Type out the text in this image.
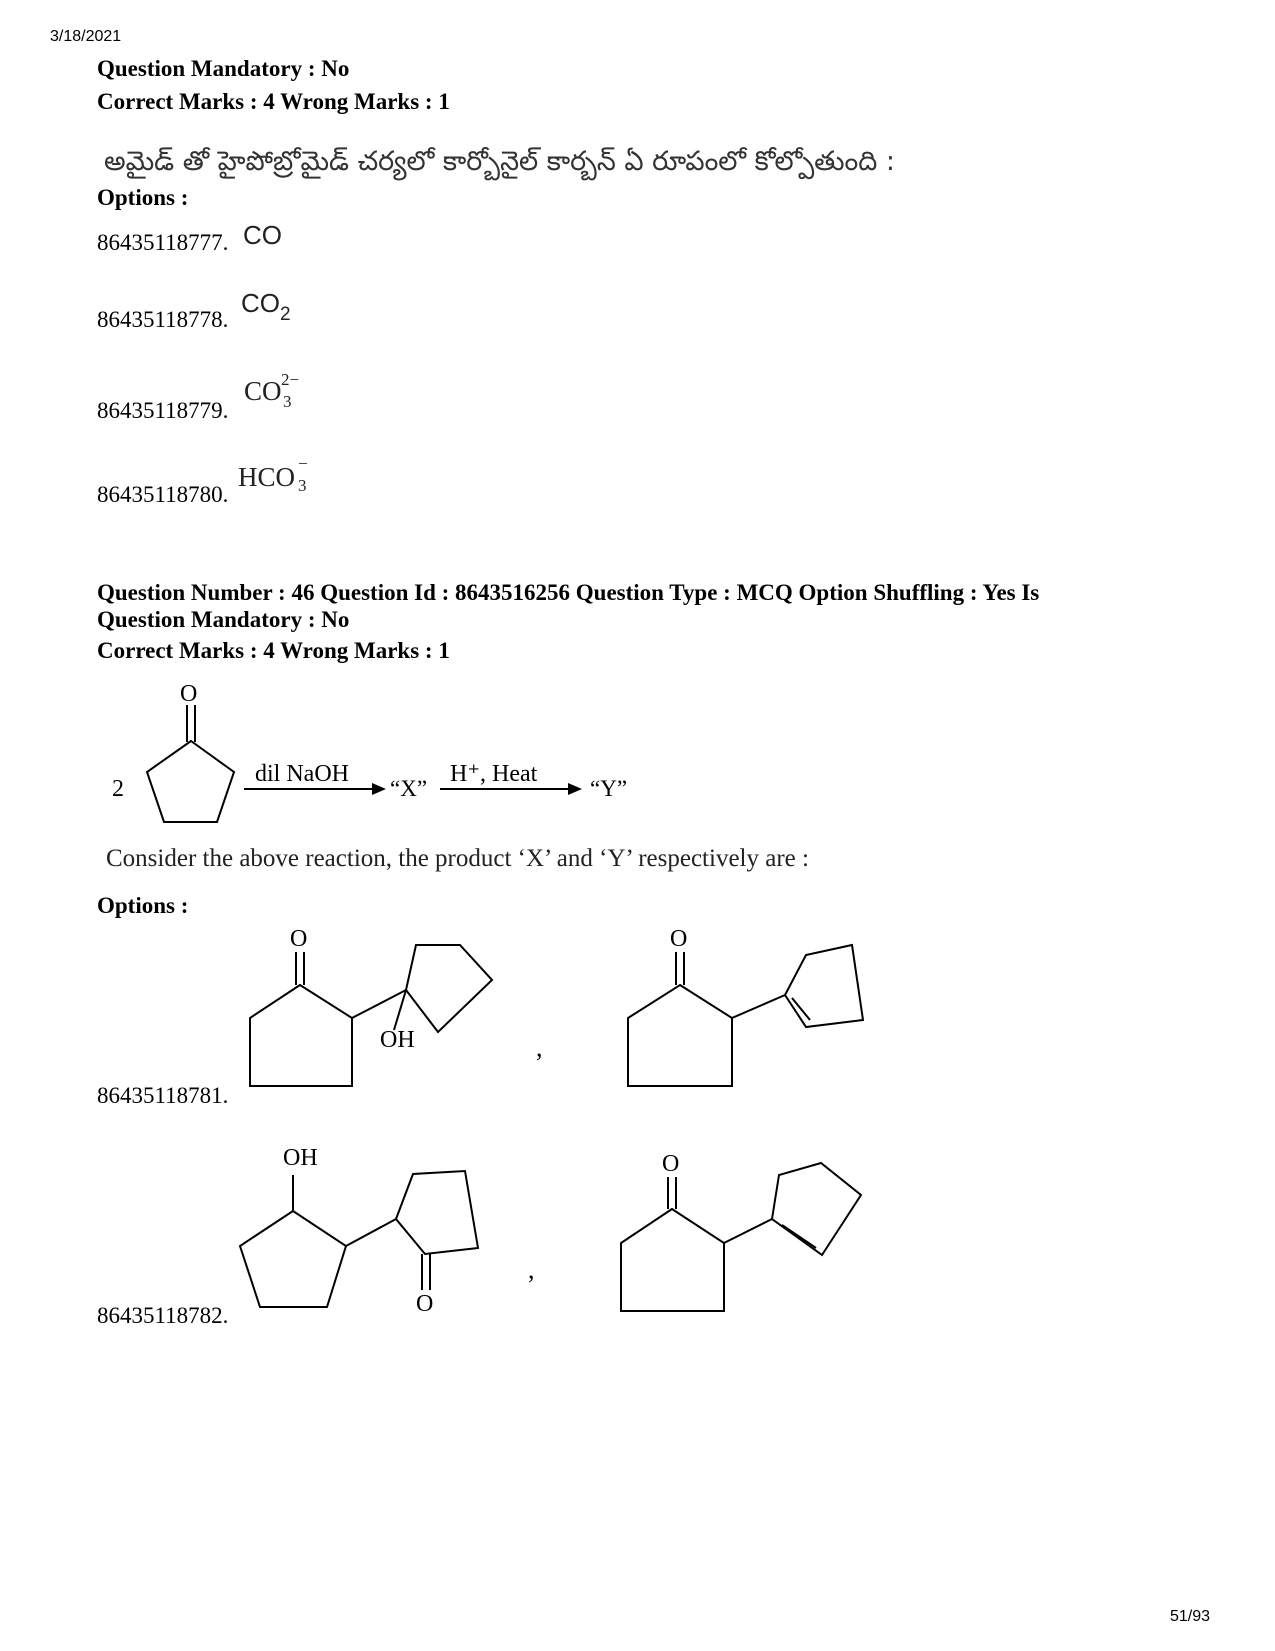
3/18/2021
51/93
Question Mandatory : No
Correct Marks : 4 Wrong Marks : 1
అమైడ్ తో హైపోబ్రోమైడ్ చర్యలో కార్బోనైల్ కార్బన్ ఏ రూపంలో కోల్పోతుంది :
Options :
86435118777. CO
86435118778.
$CO_2$
86435118779.
CO 2−
3
86435118780.
HCO −
3
Question Number : 46 Question Id : 8643516256 Question Type : MCQ Option Shuffling : Yes Is
Question Mandatory : No
Correct Marks : 4 Wrong Marks : 1
2
O
dil NaOH
“X”
H⁺, Heat
“Y”
Consider the above reaction, the product ‘X’ and ‘Y’ respectively are :
Options :
86435118781.
O
OH	,
O
86435118782.
OH
O
,
O
